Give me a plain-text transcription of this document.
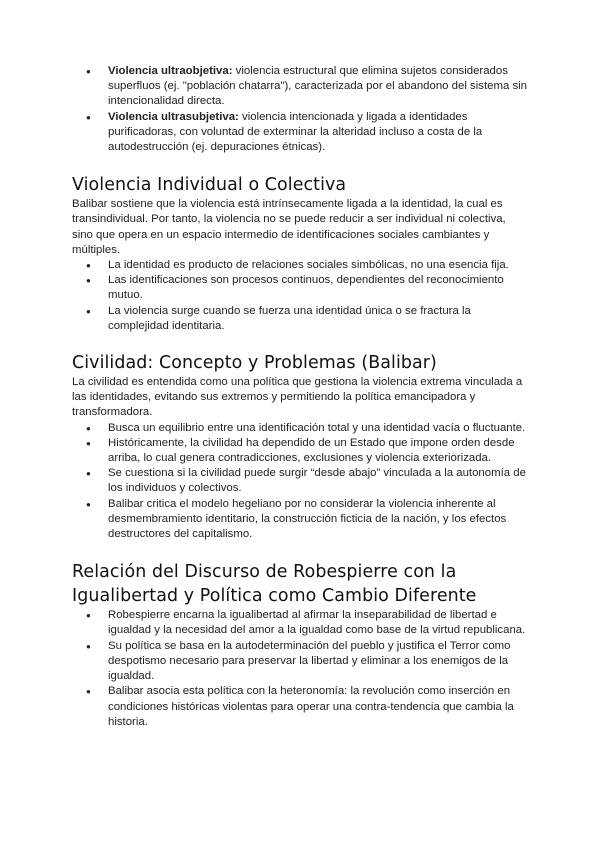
● Violencia ultraobjetiva: violencia estructural que elimina sujetos considerados superfluos (ej. "población chatarra"), caracterizada por el abandono del sistema sin intencionalidad directa.
● Violencia ultrasubjetiva: violencia intencionada y ligada a identidades purificadoras, con voluntad de exterminar la alteridad incluso a costa de la autodestrucción (ej. depuraciones étnicas).
Violencia Individual o Colectiva

Balibar sostiene que la violencia está intrínsecamente ligada a la identidad, la cual es transindividual. Por tanto, la violencia no se puede reducir a ser individual ni colectiva, sino que opera en un espacio intermedio de identificaciones sociales cambiantes y múltiples.

● La identidad es producto de relaciones sociales simbólicas, no una esencia fija.
● Las identificaciones son procesos continuos, dependientes del reconocimiento mutuo.
● La violencia surge cuando se fuerza una identidad única o se fractura la complejidad identitaria.
Civilidad: Concepto y Problemas (Balibar)

La civilidad es entendida como una política que gestiona la violencia extrema vinculada a las identidades, evitando sus extremos y permitiendo la política emancipadora y transformadora.

● Busca un equilibrio entre una identificación total y una identidad vacía o fluctuante.
● Históricamente, la civilidad ha dependido de un Estado que impone orden desde arriba, lo cual genera contradicciones, exclusiones y violencia exteriorizada.
● Se cuestiona si la civilidad puede surgir “desde abajo” vinculada a la autonomía de los individuos y colectivos.
● Balibar critica el modelo hegeliano por no considerar la violencia inherente al desmembramiento identitario, la construcción ficticia de la nación, y los efectos destructores del capitalismo.
Relación del Discurso de Robespierre con la Igualibertad y Política como Cambio Diferente
● Robespierre encarna la igualibertad al afirmar la inseparabilidad de libertad e igualdad y la necesidad del amor a la igualdad como base de la virtud republicana.
● Su política se basa en la autodeterminación del pueblo y justifica el Terror como despotismo necesario para preservar la libertad y eliminar a los enemigos de la igualdad.
● Balibar asocia esta política con la heteronomía: la revolución como inserción en condiciones históricas violentas para operar una contra-tendencia que cambia la historia.
